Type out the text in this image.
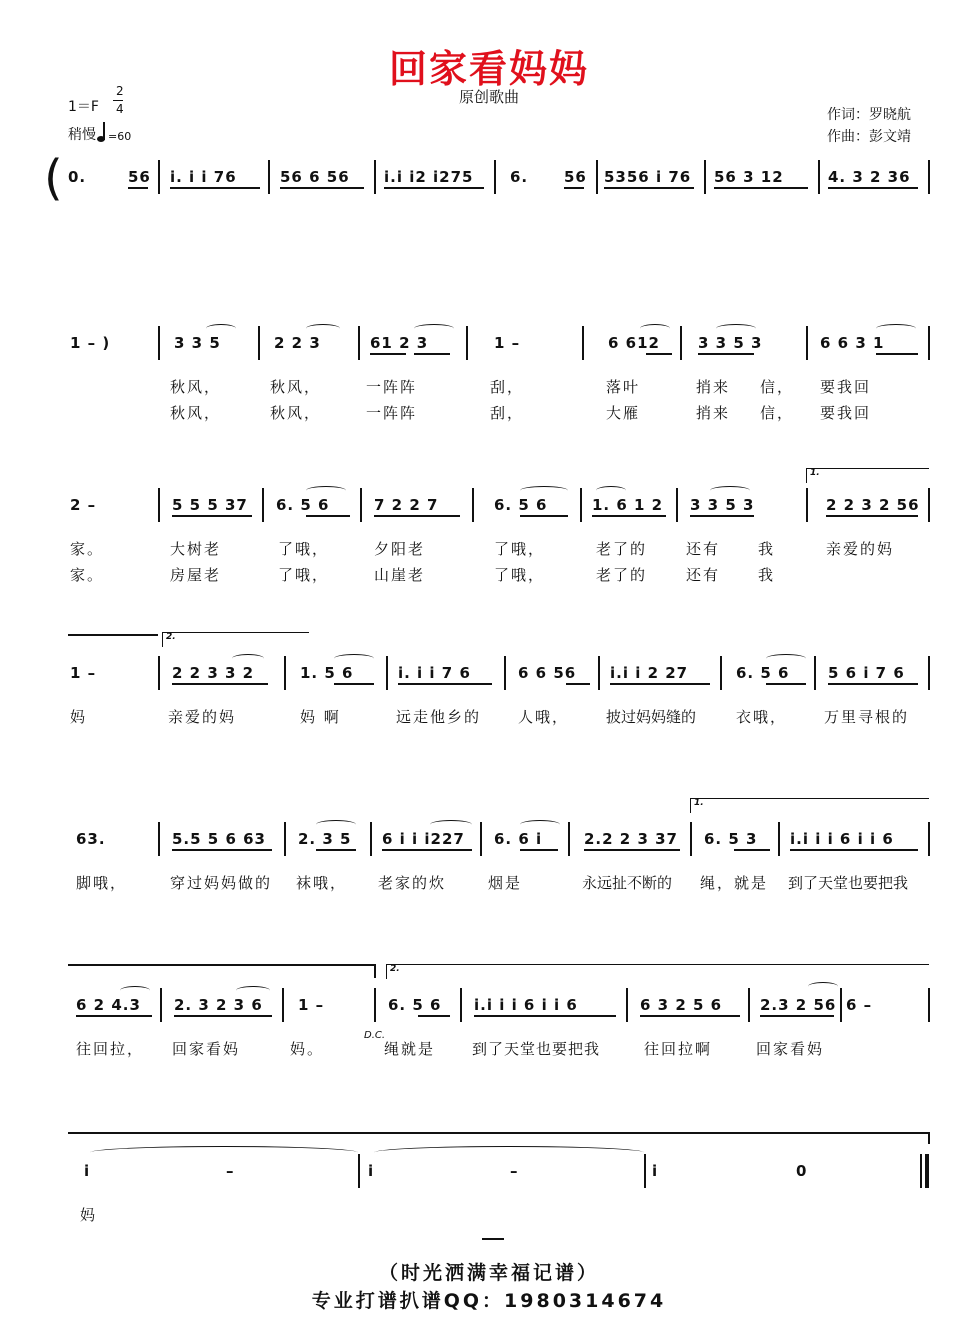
回家看妈妈
原创歌曲
1＝F
2
4
稍慢 =60
作词：罗晓航
作曲：彭文靖
( 0.	56 i. i i 76	56 6 56 i.i i2 i275 6. 56 5356 i 76 56 3 12	4. 3 2 36
1 – )	3 3 5	2 2 3	61 2 3	1 –	6 612	3 3 5 3	6 6 3 1
秋风，	秋风，	一阵阵	刮，	落叶	捎来 信， 要我回
秋风，	秋风，	一阵阵	刮，	大雁	捎来 信， 要我回
1.
2 –	5 5 5 37 6. 5 6	7 2 2 7	6. 5 6	1. 6 1 2 3 3 5 3	2 2 3 2 56
家。	大树老	了哦，	夕阳老	了哦，	老了的	还有	我	亲爱的妈
家。	房屋老	了哦，	山崖老	了哦，	老了的	还有	我
2.
1 –	2 2 3 3 2	1. 5 6	i. i i 7 6	6 6 56 i.i i 2 27	6. 5 6	5 6 i 7 6
妈	亲爱的妈	妈 啊	远走他乡的 人哦， 披过妈妈缝的	衣哦， 万里寻根的
1.
63.	5.5 5 6 63 2. 3 5 6 i i i227 6. 6 i	2.2 2 3 37 6. 5 3 i.i i i 6 i i 6
脚哦，	穿过妈妈做的 袜哦， 老家的炊	烟是	永远扯不断的 绳，就是 到了天堂也要把我
2.
6 2 4.3 2. 3 2 3 6 1 –	6. 5 6 i.i i i 6 i i 6	6 3 2 5 6	2.3 2 56 6 –
往回拉， 回家看妈	妈。
D.C.
绳就是 到了天堂也要把我	往回拉啊	回家看妈
i	–	i	–	i	0
妈
（时光洒满幸福记谱）
专业打谱扒谱QQ：1980314674
